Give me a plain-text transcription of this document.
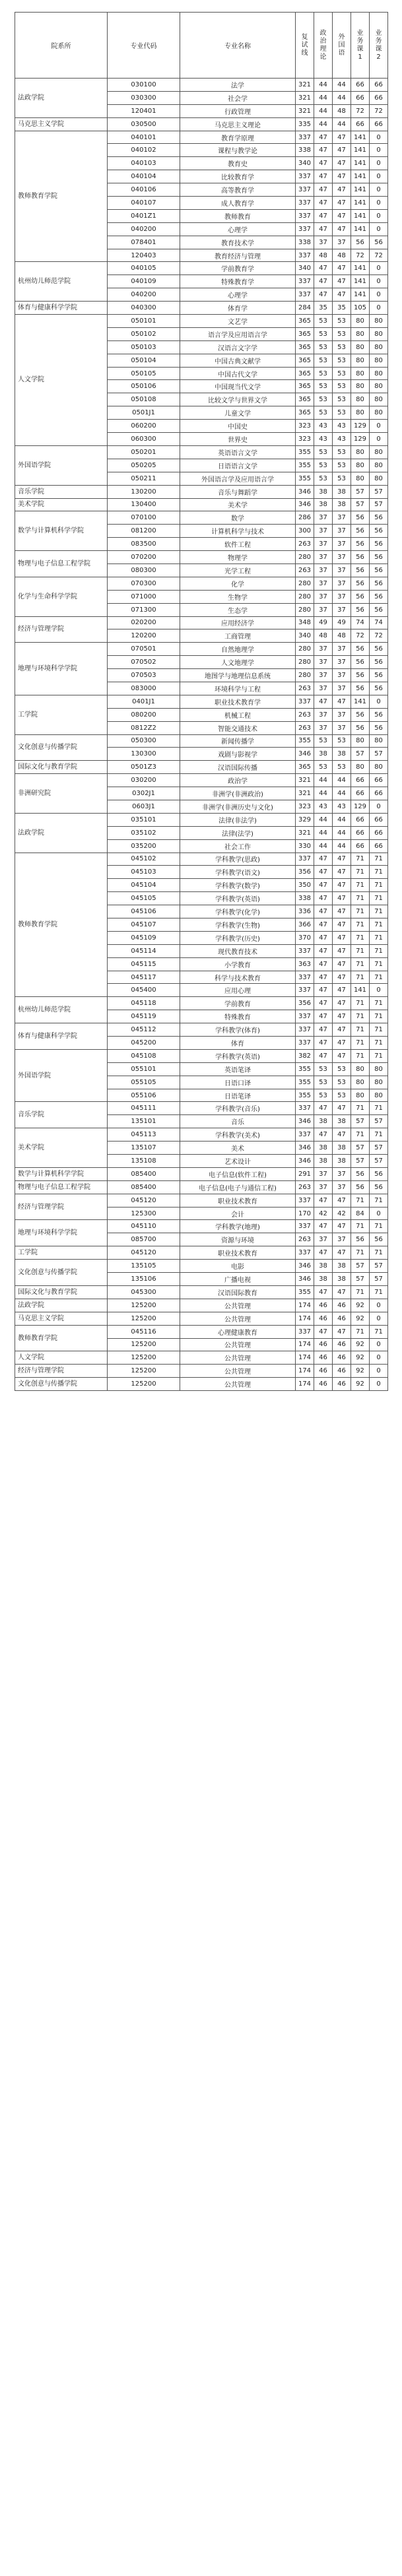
院系所	专业代码	专业名称	复试线	政治理论	外国语	业务课1	业务课2
法政学院	030100	法学	321	44	44	66	66
	030300	社会学	321	44	44	66	66
	120401	行政管理	321	44	48	72	72
马克思主义学院	030500	马克思主义理论	335	44	44	66	66
教师教育学院	040101	教育学原理	337	47	47	141	0
	040102	课程与教学论	338	47	47	141	0
	040103	教育史	340	47	47	141	0
	040104	比较教育学	337	47	47	141	0
	040106	高等教育学	337	47	47	141	0
	040107	成人教育学	337	47	47	141	0
	0401Z1	教师教育	337	47	47	141	0
	040200	心理学	337	47	47	141	0
	078401	教育技术学	338	37	37	56	56
	120403	教育经济与管理	337	48	48	72	72
杭州幼儿师范学院	040105	学前教育学	340	47	47	141	0
	040109	特殊教育学	337	47	47	141	0
	040200	心理学	337	47	47	141	0
体育与健康科学学院	040300	体育学	284	35	35	105	0
人文学院	050101	文艺学	365	53	53	80	80
	050102	语言学及应用语言学	365	53	53	80	80
	050103	汉语言文字学	365	53	53	80	80
	050104	中国古典文献学	365	53	53	80	80
	050105	中国古代文学	365	53	53	80	80
	050106	中国现当代文学	365	53	53	80	80
	050108	比较文学与世界文学	365	53	53	80	80
	0501J1	儿童文学	365	53	53	80	80
	060200	中国史	323	43	43	129	0
	060300	世界史	323	43	43	129	0
外国语学院	050201	英语语言文学	355	53	53	80	80
	050205	日语语言文学	355	53	53	80	80
	050211	外国语言学及应用语言学	355	53	53	80	80
音乐学院	130200	音乐与舞蹈学	346	38	38	57	57
美术学院	130400	美术学	346	38	38	57	57
数学与计算机科学学院	070100	数学	286	37	37	56	56
	081200	计算机科学与技术	300	37	37	56	56
	083500	软件工程	263	37	37	56	56
物理与电子信息工程学院	070200	物理学	280	37	37	56	56
	080300	光学工程	263	37	37	56	56
化学与生命科学学院	070300	化学	280	37	37	56	56
	071000	生物学	280	37	37	56	56
	071300	生态学	280	37	37	56	56
经济与管理学院	020200	应用经济学	348	49	49	74	74
	120200	工商管理	340	48	48	72	72
地理与环境科学学院	070501	自然地理学	280	37	37	56	56
	070502	人文地理学	280	37	37	56	56
	070503	地图学与地理信息系统	280	37	37	56	56
	083000	环境科学与工程	263	37	37	56	56
工学院	0401J1	职业技术教育学	337	47	47	141	0
	080200	机械工程	263	37	37	56	56
	0812Z2	智能交通技术	263	37	37	56	56
文化创意与传播学院	050300	新闻传播学	355	53	53	80	80
	130300	戏剧与影视学	346	38	38	57	57
国际文化与教育学院	0501Z3	汉语国际传播	365	53	53	80	80
非洲研究院	030200	政治学	321	44	44	66	66
	0302J1	非洲学(非洲政治)	321	44	44	66	66
	0603J1	非洲学(非洲历史与文化)	323	43	43	129	0
法政学院	035101	法律(非法学)	329	44	44	66	66
	035102	法律(法学)	321	44	44	66	66
	035200	社会工作	330	44	44	66	66
教师教育学院	045102	学科教学(思政)	337	47	47	71	71
	045103	学科教学(语文)	356	47	47	71	71
	045104	学科教学(数学)	350	47	47	71	71
	045105	学科教学(英语)	338	47	47	71	71
	045106	学科教学(化学)	336	47	47	71	71
	045107	学科教学(生物)	366	47	47	71	71
	045109	学科教学(历史)	370	47	47	71	71
	045114	现代教育技术	337	47	47	71	71
	045115	小学教育	363	47	47	71	71
	045117	科学与技术教育	337	47	47	71	71
	045400	应用心理	337	47	47	141	0
杭州幼儿师范学院	045118	学前教育	356	47	47	71	71
	045119	特殊教育	337	47	47	71	71
体育与健康科学学院	045112	学科教学(体育)	337	47	47	71	71
	045200	体育	337	47	47	71	71
外国语学院	045108	学科教学(英语)	382	47	47	71	71
	055101	英语笔译	355	53	53	80	80
	055105	日语口译	355	53	53	80	80
	055106	日语笔译	355	53	53	80	80
音乐学院	045111	学科教学(音乐)	337	47	47	71	71
	135101	音乐	346	38	38	57	57
美术学院	045113	学科教学(美术)	337	47	47	71	71
	135107	美术	346	38	38	57	57
	135108	艺术设计	346	38	38	57	57
数学与计算机科学学院	085400	电子信息(软件工程)	291	37	37	56	56
物理与电子信息工程学院	085400	电子信息(电子与通信工程)	263	37	37	56	56
经济与管理学院	045120	职业技术教育	337	47	47	71	71
	125300	会计	170	42	42	84	0
地理与环境科学学院	045110	学科教学(地理)	337	47	47	71	71
	085700	资源与环境	263	37	37	56	56
工学院	045120	职业技术教育	337	47	47	71	71
文化创意与传播学院	135105	电影	346	38	38	57	57
	135106	广播电视	346	38	38	57	57
国际文化与教育学院	045300	汉语国际教育	355	47	47	71	71
法政学院	125200	公共管理	174	46	46	92	0
马克思主义学院	125200	公共管理	174	46	46	92	0
教师教育学院	045116	心理健康教育	337	47	47	71	71
	125200	公共管理	174	46	46	92	0
人文学院	125200	公共管理	174	46	46	92	0
经济与管理学院	125200	公共管理	174	46	46	92	0
文化创意与传播学院	125200	公共管理	174	46	46	92	0
